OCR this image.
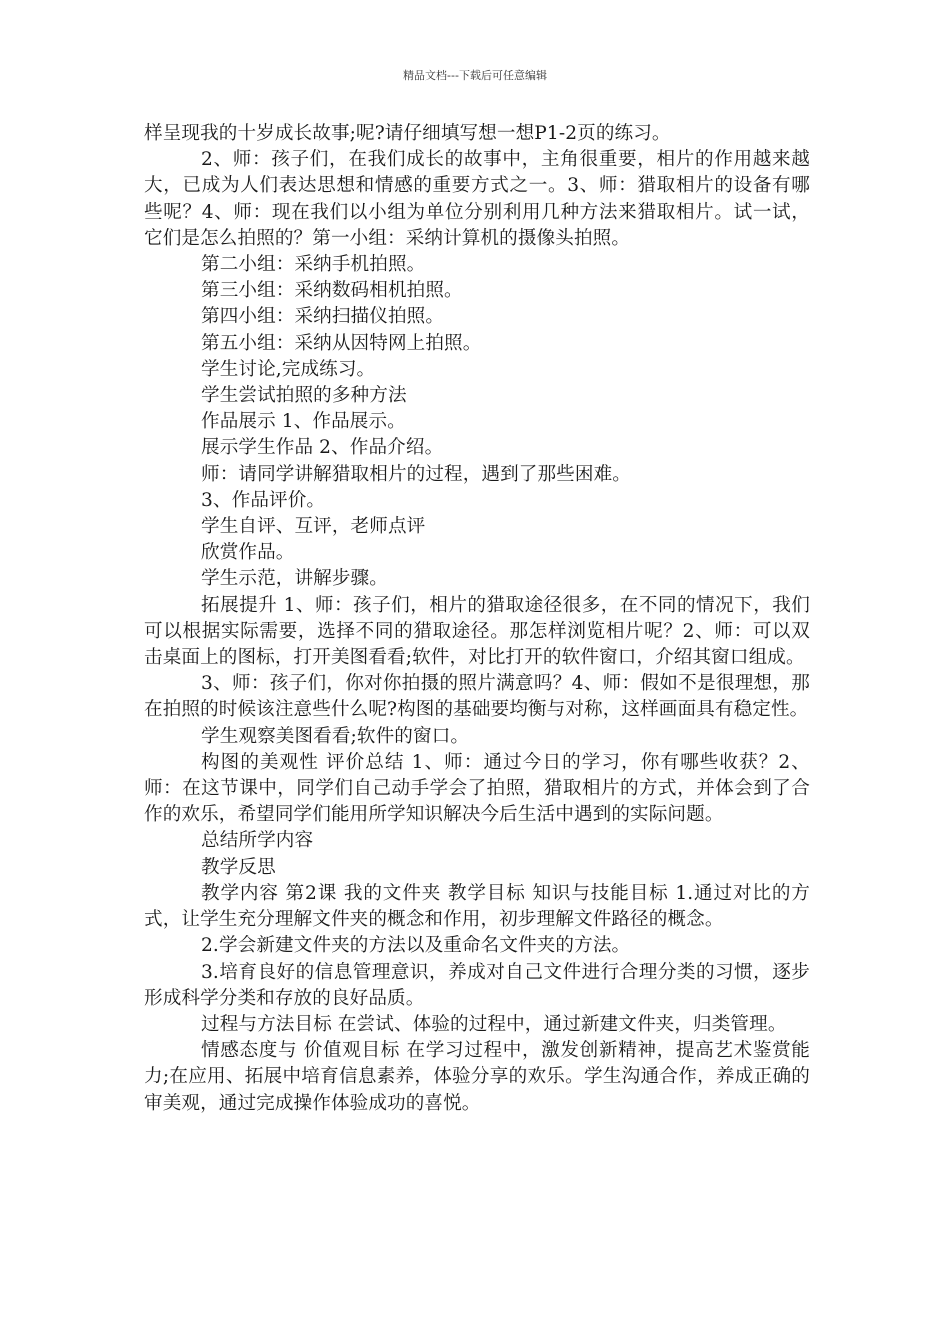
精品文档---下载后可任意编辑

样呈现我的十岁成长故事;呢?请仔细填写想一想P1-2页的练习。

2、师：孩子们，在我们成长的故事中，主角很重要，相片的作用越来越大，已成为人们表达思想和情感的重要方式之一。3、师：猎取相片的设备有哪些呢？4、师：现在我们以小组为单位分别利用几种方法来猎取相片。试一试，它们是怎么拍照的？第一小组：采纳计算机的摄像头拍照。

第二小组：采纳手机拍照。

第三小组：采纳数码相机拍照。

第四小组：采纳扫描仪拍照。

第五小组：采纳从因特网上拍照。

学生讨论,完成练习。

学生尝试拍照的多种方法

作品展示 1、作品展示。

展示学生作品 2、作品介绍。

师：请同学讲解猎取相片的过程，遇到了那些困难。

3、作品评价。

学生自评、互评，老师点评

欣赏作品。

学生示范，讲解步骤。

拓展提升 1、师：孩子们，相片的猎取途径很多，在不同的情况下，我们可以根据实际需要，选择不同的猎取途径。那怎样浏览相片呢？2、师：可以双击桌面上的图标，打开美图看看;软件，对比打开的软件窗口，介绍其窗口组成。

3、师：孩子们，你对你拍摄的照片满意吗？4、师：假如不是很理想，那在拍照的时候该注意些什么呢?构图的基础要均衡与对称，这样画面具有稳定性。

学生观察美图看看;软件的窗口。

构图的美观性 评价总结 1、师：通过今日的学习，你有哪些收获？2、师：在这节课中，同学们自己动手学会了拍照，猎取相片的方式，并体会到了合作的欢乐，希望同学们能用所学知识解决今后生活中遇到的实际问题。

总结所学内容

教学反思

教学内容 第2课 我的文件夹 教学目标 知识与技能目标 1.通过对比的方式，让学生充分理解文件夹的概念和作用，初步理解文件路径的概念。

2.学会新建文件夹的方法以及重命名文件夹的方法。

3.培育良好的信息管理意识，养成对自己文件进行合理分类的习惯，逐步形成科学分类和存放的良好品质。

过程与方法目标 在尝试、体验的过程中，通过新建文件夹，归类管理。

情感态度与 价值观目标 在学习过程中，激发创新精神，提高艺术鉴赏能力;在应用、拓展中培育信息素养，体验分享的欢乐。学生沟通合作，养成正确的审美观，通过完成操作体验成功的喜悦。
